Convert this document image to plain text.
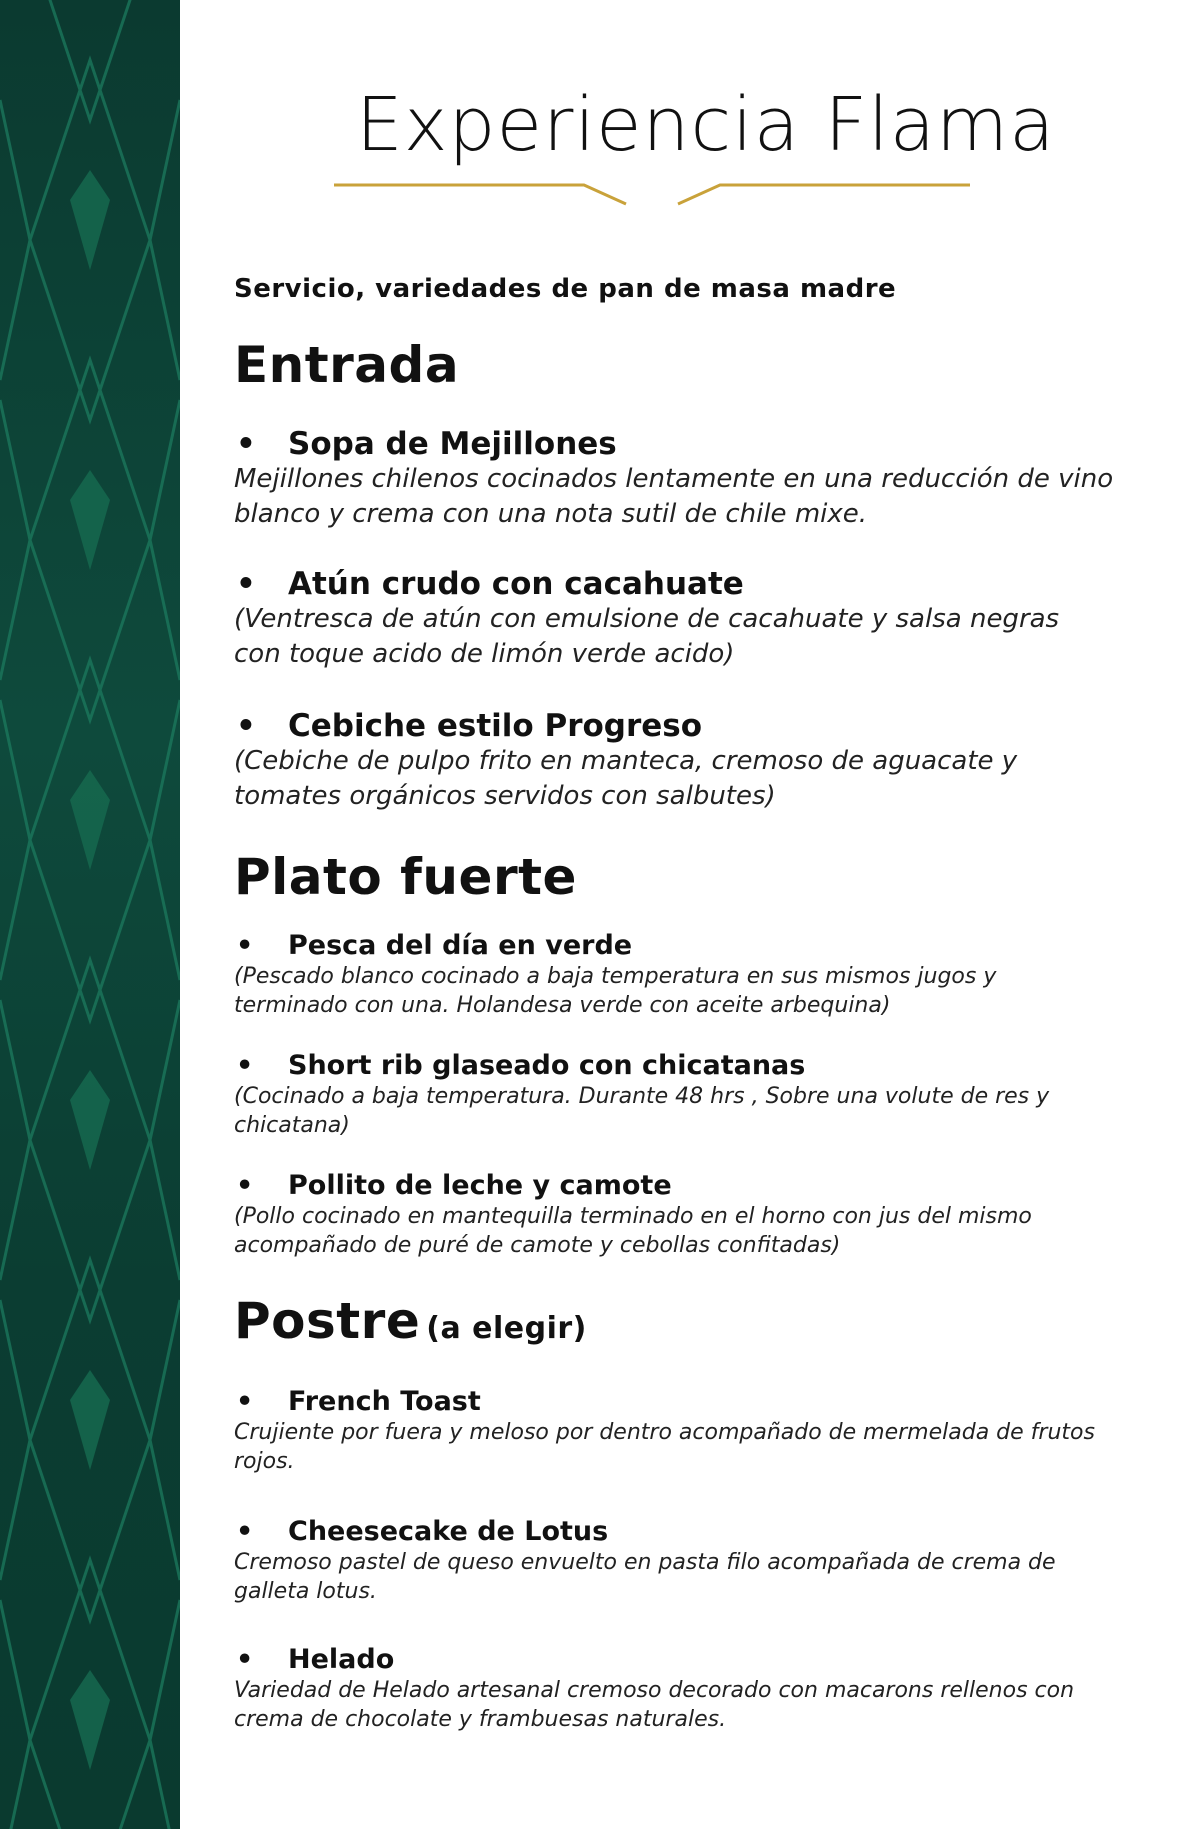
Experiencia Flama
Servicio, variedades de pan de masa madre
Entrada
• Sopa de Mejillones
Mejillones chilenos cocinados lentamente en una reducción de vino blanco y crema con una nota sutil de chile mixe.
• Atún crudo con cacahuate
(Ventresca de atún con emulsione de cacahuate y salsa negras con toque acido de limón verde acido)
• Cebiche estilo Progreso
(Cebiche de pulpo frito en manteca, cremoso de aguacate y tomates orgánicos servidos con salbutes)
Plato fuerte
• Pesca del día en verde
(Pescado blanco cocinado a baja temperatura en sus mismos jugos y terminado con una. Holandesa verde con aceite arbequina)
• Short rib glaseado con chicatanas
(Cocinado a baja temperatura. Durante 48 hrs , Sobre una volute de res y chicatana)
• Pollito de leche y camote
(Pollo cocinado en mantequilla terminado en el horno con jus del mismo acompañado de puré de camote y cebollas confitadas)
Postre (a elegir)
• French Toast
Crujiente por fuera y meloso por dentro acompañado de mermelada de frutos rojos.
• Cheesecake de Lotus
Cremoso pastel de queso envuelto en pasta filo acompañada de crema de galleta lotus.
• Helado
Variedad de Helado artesanal cremoso decorado con macarons rellenos con crema de chocolate y frambuesas naturales.
